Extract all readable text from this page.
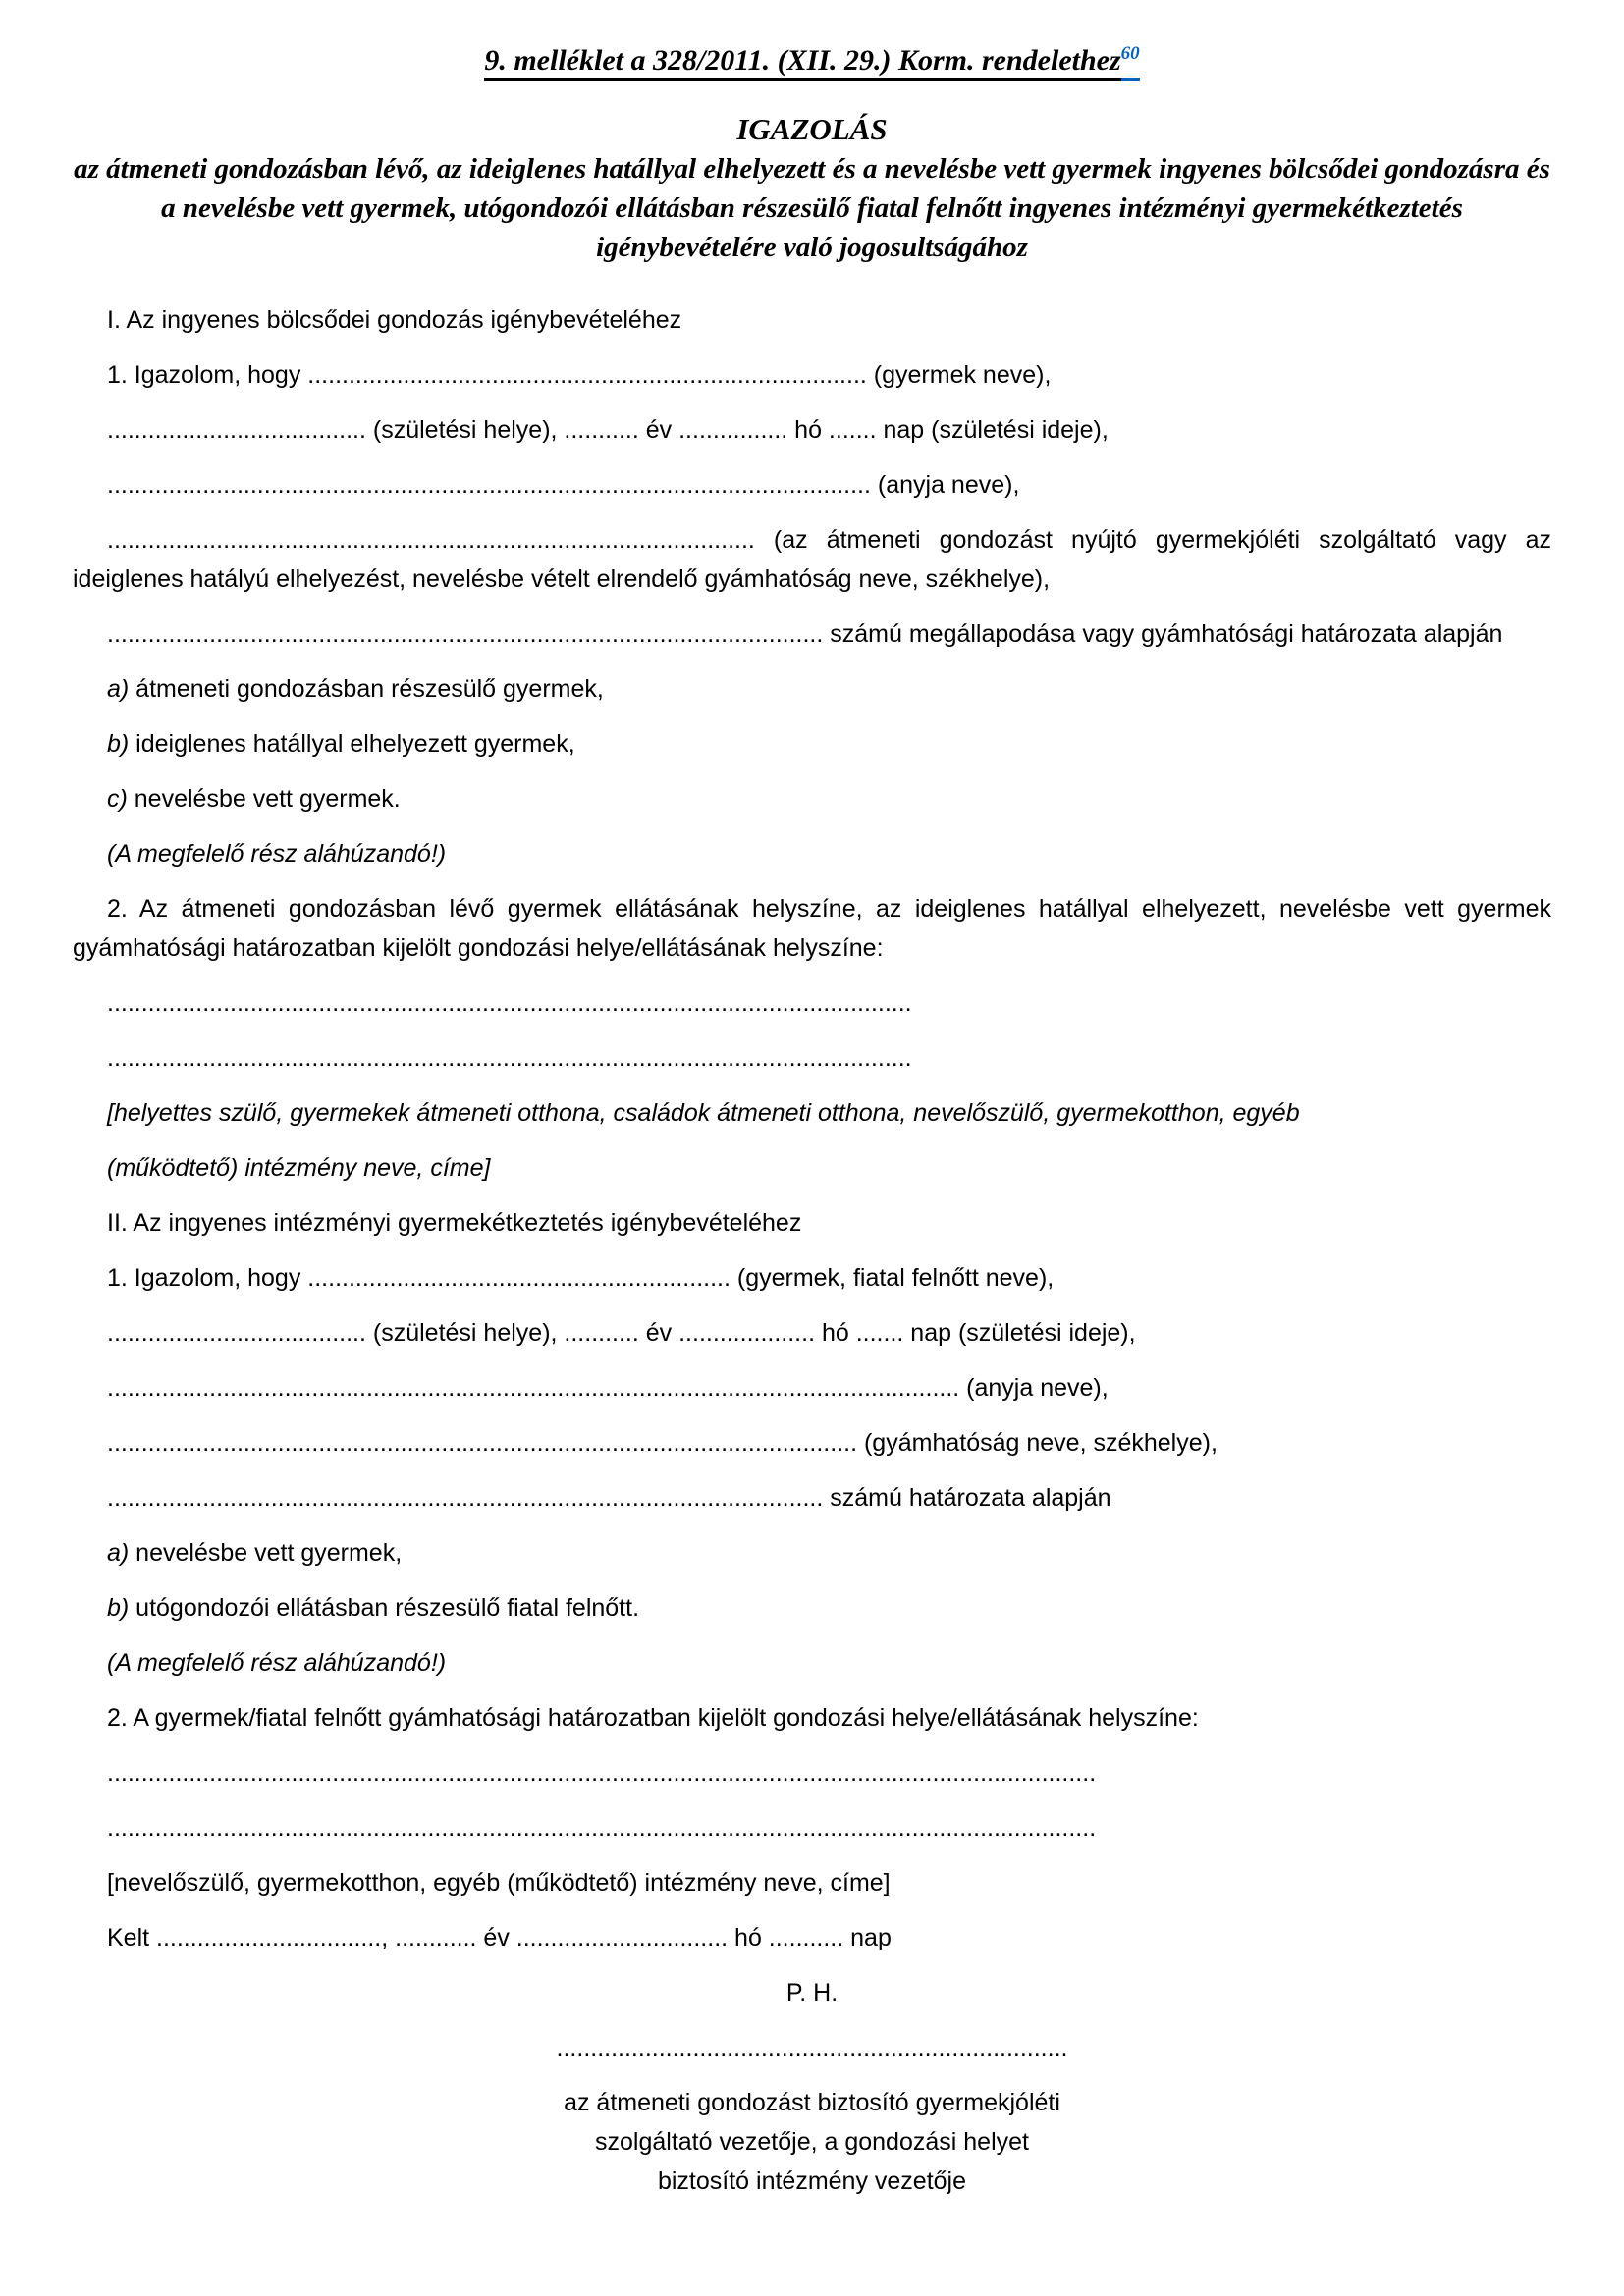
9. melléklet a 328/2011. (XII. 29.) Korm. rendelethez$^{60}$

IGAZOLÁS

az átmeneti gondozásban lévő, az ideiglenes hatállyal elhelyezett és a nevelésbe vett gyermek ingyenes bölcsődei gondozásra és a nevelésbe vett gyermek, utógondozói ellátásban részesülő fiatal felnőtt ingyenes intézményi gyermekétkeztetés igénybevételére való jogosultságához

I. Az ingyenes bölcsődei gondozás igénybevételéhez

1. Igazolom, hogy .................................................................................. (gyermek neve),

...................................... (születési helye), ........... év ................ hó ....... nap (születési ideje),

................................................................................................................ (anyja neve),

............................................................................................... (az átmeneti gondozást nyújtó gyermekjóléti szolgáltató vagy az ideiglenes hatályú elhelyezést, nevelésbe vételt elrendelő gyámhatóság neve, székhelye),

......................................................................................................... számú megállapodása vagy gyámhatósági határozata alapján

a) átmeneti gondozásban részesülő gyermek,

b) ideiglenes hatállyal elhelyezett gyermek,

c) nevelésbe vett gyermek.

(A megfelelő rész aláhúzandó!)

2. Az átmeneti gondozásban lévő gyermek ellátásának helyszíne, az ideiglenes hatállyal elhelyezett, nevelésbe vett gyermek gyámhatósági határozatban kijelölt gondozási helye/ellátásának helyszíne:

......................................................................................................................

......................................................................................................................

[helyettes szülő, gyermekek átmeneti otthona, családok átmeneti otthona, nevelőszülő, gyermekotthon, egyéb

(működtető) intézmény neve, címe]

II. Az ingyenes intézményi gyermekétkeztetés igénybevételéhez

1. Igazolom, hogy .............................................................. (gyermek, fiatal felnőtt neve),

...................................... (születési helye), ........... év .................... hó ....... nap (születési ideje),

............................................................................................................................. (anyja neve),

.............................................................................................................. (gyámhatóság neve, székhelye),

......................................................................................................... számú határozata alapján

a) nevelésbe vett gyermek,

b) utógondozói ellátásban részesülő fiatal felnőtt.

(A megfelelő rész aláhúzandó!)

2. A gyermek/fiatal felnőtt gyámhatósági határozatban kijelölt gondozási helye/ellátásának helyszíne:

.................................................................................................................................................

.................................................................................................................................................

[nevelőszülő, gyermekotthon, egyéb (működtető) intézmény neve, címe]

Kelt ................................., ............ év ............................... hó ........... nap

P. H.

...........................................................................

az átmeneti gondozást biztosító gyermekjóléti

szolgáltató vezetője, a gondozási helyet

biztosító intézmény vezetője
